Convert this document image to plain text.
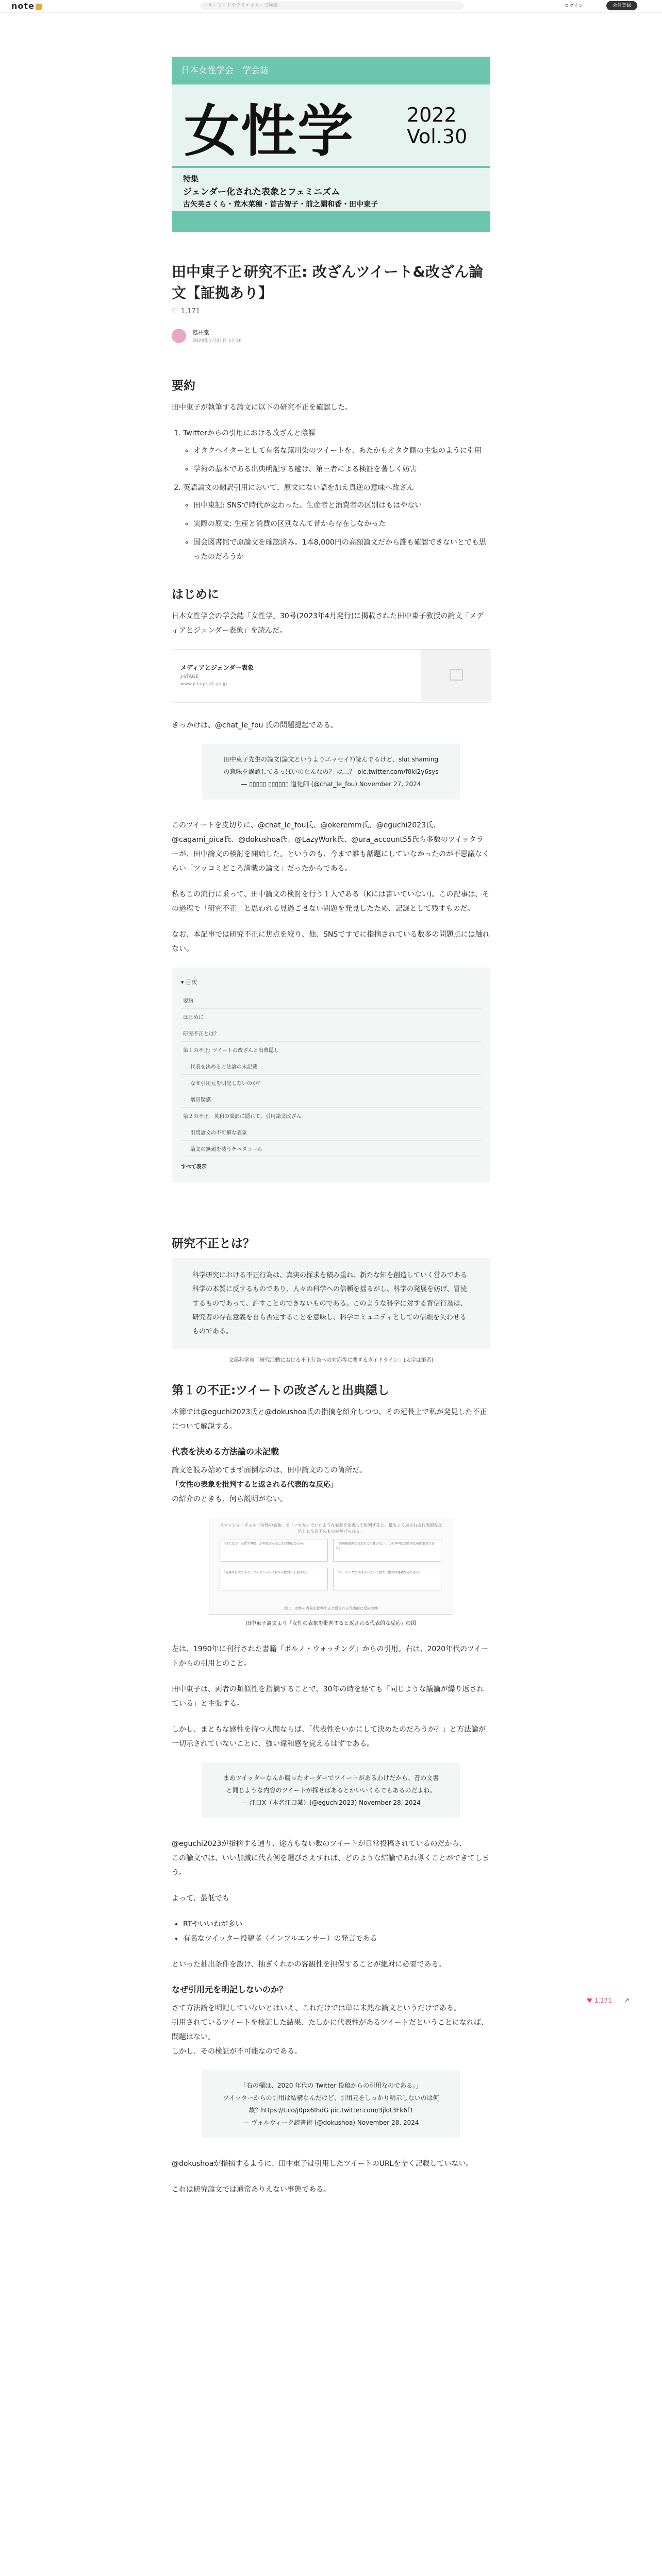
note	⌕ キーワードやクリエイターで検索	ログイン	会員登録
日本女性学会　学会誌
女性学	2022
Vol.30
特集
ジェンダー化された表象とフェミニズム
古矢英さくら・荒木菜穂・首吉智子・前之園和香・田中東子
田中東子と研究不正: 改ざんツイート&改ざん論文【証拠あり】
♡ 1,171
墓井堂
2023年1月21日 17:30
要約

田中東子が執筆する論文に以下の研究不正を確認した。

1. Twitterからの引用における改ざんと陰謀
◦ オタクヘイターとして有名な蕪川染のツイートを、あたかもオタク側の主張のように引用
◦ 学術の基本である出典明記する避け、第三者による検証を著しく妨害
2. 英語論文の翻訳引用において、原文にない語を加え真逆の意味へ改ざん
◦ 田中東記: SNSで時代が変わった。生産者と消費者の区別はもはやない
◦ 実際の原文: 生産と消費の区別なんて昔から存在しなかった
◦ 国会図書館で原論文を確認済み。1本8,000円の高額論文だから誰も確認できないとでも思ったのだろうか
はじめに

日本女性学会の学会誌「女性学」30号(2023年4月発行)に掲載された田中東子教授の論文「メディアとジェンダー表象」を読んだ。

メディアとジェンダー表象
J-STAGE
www.jstage.jst.go.jp

きっかけは、@chat_le_fou 氏の問題提起である。

田中東子先生の論文(論文というよりエッセイ?)読んでるけど、slut shamingの意味を誤認してるっぽいのなんなの？ は…？ pic.twitter.com/f0kl2y6sys
— ▯▯▯▯▯ ▯▯▯▯▯▯ 道化師 (@chat_le_fou) November 27, 2024

このツイートを皮切りに、@chat_le_fou氏、@okeremm氏、@eguchi2023氏、@cagami_pica氏、@dokushoa氏、@LazyWork氏、@ura_account55氏ら多数のツイッタラーが、田中論文の検討を開始した。というのも、今まで誰も話題にしていなかったのが不思議なくらい「ツッコミどころ満載の論文」だったからである。

私もこの流行に乗って、田中論文の検討を行う１人である（Kには書いていない)。この記事は、その過程で「研究不正」と思われる見過ごせない問題を発見したため、記録として残すものだ。

なお、本記事では研究不正に焦点を絞り、他、SNSですでに指摘されている数多の問題点には触れない。

▾ 目次
要約
はじめに
研究不正とは？
第１の不正: ツイートの改ざんと出典隠し
代表を決める方法論の未記載
なぜ引用元を明記しないのか？
増田疑惑
第２の不正：英和の誤訳に隠れて、引用論文改ざん
引用論文の不可解な表象
論文の無頼を装うチベタコール
すべて表示
研究不正とは？
科学研究における不正行為は、真実の探求を積み重ね、新たな知を創造していく営みである科学の本質に反するものであり、人々の科学への信頼を揺るがし、科学の発展を妨げ、冒涜するものであって、許すことのできないものである。このような科学に対する背信行為は、研究者の存在意義を自ら否定することを意味し、科学コミュニティとしての信頼を失わせるものである。
文部科学省「研究活動における不正行為への対応等に関するガイドライン」(太字は筆者)
第１の不正:ツイートの改ざんと出典隠し

本節では@eguchi2023氏と@dokushoa氏の指摘を紹介しつつ、その延長上で私が発見した不正について解説する。

代表を決める方法論の未記載

論文を読み始めてまず面倒なのは、田中論文のこの箇所だ。

「女性の表象を批判すると返される代表的な反応」

の紹介のときも、何ら説明がない。

スマッシュ・ギャル「女性の表象」で「バカ女」でいいような表象を定義して批判すると、最もよく返される代表的な反応として以下のものが挙げられる。
「はてなの「女性学界隈」が何故あんなにも攻撃的なのか」	「表現規制派と言われても仕方ない、この声明は実質的な検閲要求である」
「表現は自由であり、フィクションに対する批判こそ差別的」	「ゾーニングすればよいという話で、批判は過剰反応である」
図 1．女性の表象を批判すると返される代表的な反応の例
田中東子論文より「女性の表象を批判すると返される代表的な反応」の図

左は、1990年に刊行された書籍『ポルノ・ウォッチング』からの引用。右は、2020年代のツイートからの引用とのこと。

田中東子は、両者の類似性を指摘することで、30年の時を経ても「同じような議論が繰り返されている」と主張する。

しかし、まともな感性を持つ人間ならば、「代表性をいかにして決めたのだろうか？」と方法論が一切示されていないことに、強い違和感を覚えるはずである。

まあツイッターなんか腐ったオーダーでツイートがあるわけだから、昔の文書と同じような内容のツイートが探せばあるとかいいくらでもあるのだよね。
— 江口X（本名江口某）(@eguchi2023) November 28, 2024

@eguchi2023が指摘する通り、途方もない数のツイートが日常投稿されているのだから、

この論文では、いい加減に代表例を選びさえすれば、どのような結論であれ導くことができてしまう。

よって、最低でも

• RTやいいねが多い
• 有名なツイッター投稿者（インフルエンサー）の発言である

といった抽出条件を設け、抽ぎくれかの客観性を担保することが絶対に必要である。

なぜ引用元を明記しないのか？

さて方法論を明記していないとはいえ、これだけでは単に未熟な論文というだけである。

引用されているツイートを検証した結果、たしかに代表性があるツイートだということになれば、問題はない。

しかし、その検証が不可能なのである。

「右の欄は、2020 年代の Twitter 投稿からの引用なのである。」
ツイッターからの引用は結構なんだけど、引用元をしっかり明示しないのは何故？https://t.co/j0px6IhdG pic.twitter.com/3jlot3Fk6f1
— ヴォルウィーク読書術 (@dokushoa) November 28, 2024

@dokushoaが指摘するように、田中東子は引用したツイートのURLを全く記載していない。

これは研究論文では通常ありえない事態である。

♥ 1,171 ↗
